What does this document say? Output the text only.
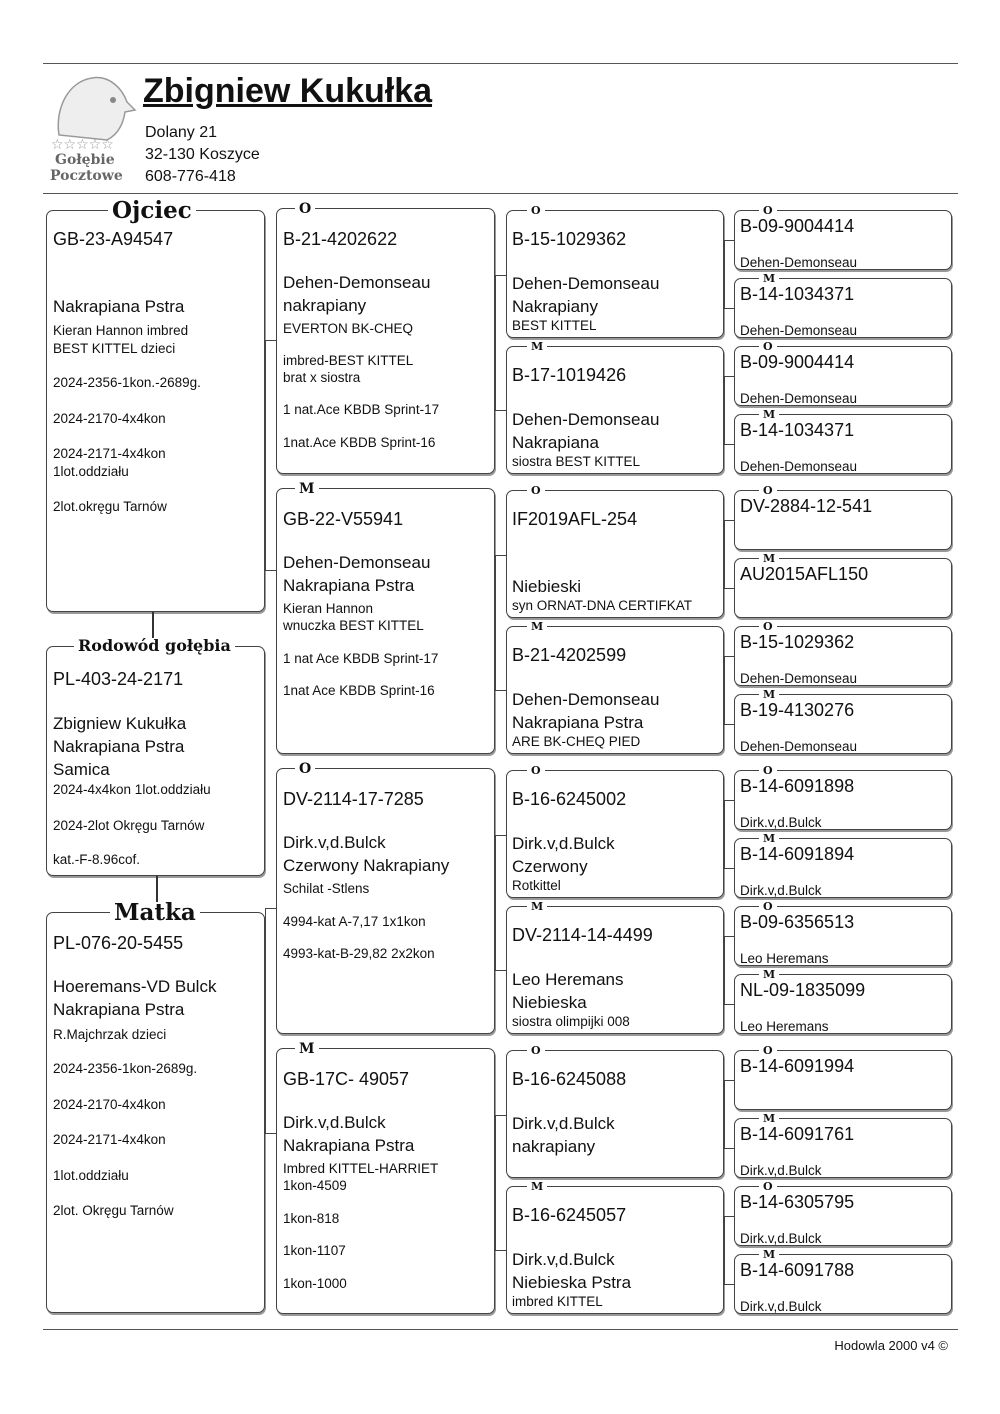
☆☆☆☆☆
Gołębie
Pocztowe
Zbigniew Kukułka
Dolany 21
32-130 Koszyce
608-776-418
GB-23-A94547
Nakrapiana Pstra
Kieran Hannon imbred
BEST KITTEL dzieci
2024-2356-1kon.-2689g.
2024-2170-4x4kon
2024-2171-4x4kon
1lot.oddziału
2lot.okręgu Tarnów
Ojciec
PL-403-24-2171
Zbigniew Kukułka
Nakrapiana Pstra
Samica
2024-4x4kon 1lot.oddziału
2024-2lot Okręgu Tarnów
kat.-F-8.96cof.
Rodowód gołębia
PL-076-20-5455
Hoeremans-VD Bulck
Nakrapiana Pstra
R.Majchrzak dzieci
2024-2356-1kon-2689g.
2024-2170-4x4kon
2024-2171-4x4kon
1lot.oddziału
2lot. Okręgu Tarnów
Matka
B-21-4202622
Dehen-Demonseau
nakrapiany
EVERTON BK-CHEQ
imbred-BEST KITTEL
brat x siostra
1 nat.Ace KBDB Sprint-17
1nat.Ace KBDB Sprint-16
O
GB-22-V55941
Dehen-Demonseau
Nakrapiana Pstra
Kieran Hannon
wnuczka BEST KITTEL
1 nat Ace KBDB Sprint-17
1nat Ace KBDB Sprint-16
M
DV-2114-17-7285
Dirk.v,d.Bulck
Czerwony Nakrapiany
Schilat -Stlens
4994-kat A-7,17 1x1kon
4993-kat-B-29,82 2x2kon
O
GB-17C- 49057
Dirk.v,d.Bulck
Nakrapiana Pstra
Imbred KITTEL-HARRIET
1kon-4509
1kon-818
1kon-1107
1kon-1000
M
B-15-1029362
Dehen-Demonseau
Nakrapiany
BEST KITTEL
O
B-17-1019426
Dehen-Demonseau
Nakrapiana
siostra BEST KITTEL
M
IF2019AFL-254
Niebieski
syn ORNAT-DNA CERTIFKAT
O
B-21-4202599
Dehen-Demonseau
Nakrapiana Pstra
ARE BK-CHEQ PIED
M
B-16-6245002
Dirk.v,d.Bulck
Czerwony
Rotkittel
O
DV-2114-14-4499
Leo Heremans
Niebieska
siostra olimpijki 008
M
B-16-6245088
Dirk.v,d.Bulck
nakrapiany
O
B-16-6245057
Dirk.v,d.Bulck
Niebieska Pstra
imbred KITTEL
M
B-09-9004414
Dehen-Demonseau
O
B-14-1034371
Dehen-Demonseau
M
B-09-9004414
Dehen-Demonseau
O
B-14-1034371
Dehen-Demonseau
M
DV-2884-12-541
O
AU2015AFL150
M
B-15-1029362
Dehen-Demonseau
O
B-19-4130276
Dehen-Demonseau
M
B-14-6091898
Dirk.v,d.Bulck
O
B-14-6091894
Dirk.v,d.Bulck
M
B-09-6356513
Leo Heremans
O
NL-09-1835099
Leo Heremans
M
B-14-6091994
O
B-14-6091761
Dirk.v,d.Bulck
M
B-14-6305795
Dirk.v,d.Bulck
O
B-14-6091788
Dirk.v,d.Bulck
M
Hodowla 2000 v4 ©
